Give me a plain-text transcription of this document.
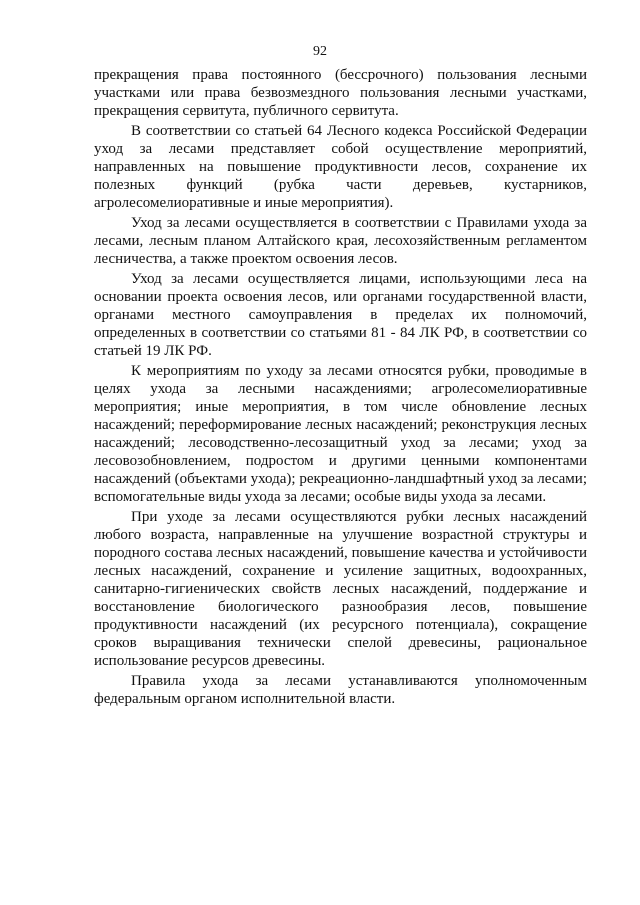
92

прекращения права постоянного (бессрочного) пользования лесными участками или права безвозмездного пользования лесными участками, прекращения сервитута, публичного сервитута.

В соответствии со статьей 64 Лесного кодекса Российской Федерации уход за лесами представляет собой осуществление мероприятий, направленных на повышение продуктивности лесов, сохранение их полезных функций (рубка части деревьев, кустарников, агролесомелиоративные и иные мероприятия).

Уход за лесами осуществляется в соответствии с Правилами ухода за лесами, лесным планом Алтайского края, лесохозяйственным регламентом лесничества, а также проектом освоения лесов.

Уход за лесами осуществляется лицами, использующими леса на основании проекта освоения лесов, или органами государственной власти, органами местного самоуправления в пределах их полномочий, определенных в соответствии со статьями 81 - 84 ЛК РФ, в соответствии со статьей 19 ЛК РФ.

К мероприятиям по уходу за лесами относятся рубки, проводимые в целях ухода за лесными насаждениями; агролесомелиоративные мероприятия; иные мероприятия, в том числе обновление лесных насаждений; переформирование лесных насаждений; реконструкция лесных насаждений; лесоводственно-лесозащитный уход за лесами; уход за лесовозобновлением, подростом и другими ценными компонентами насаждений (объектами ухода); рекреационно-ландшафтный уход за лесами; вспомогательные виды ухода за лесами; особые виды ухода за лесами.

При уходе за лесами осуществляются рубки лесных насаждений любого возраста, направленные на улучшение возрастной структуры и породного состава лесных насаждений, повышение качества и устойчивости лесных насаждений, сохранение и усиление защитных, водоохранных, санитарно-гигиенических свойств лесных насаждений, поддержание и восстановление биологического разнообразия лесов, повышение продуктивности насаждений (их ресурсного потенциала), сокращение сроков выращивания технически спелой древесины, рациональное использование ресурсов древесины.

Правила ухода за лесами устанавливаются уполномоченным федеральным органом исполнительной власти.
